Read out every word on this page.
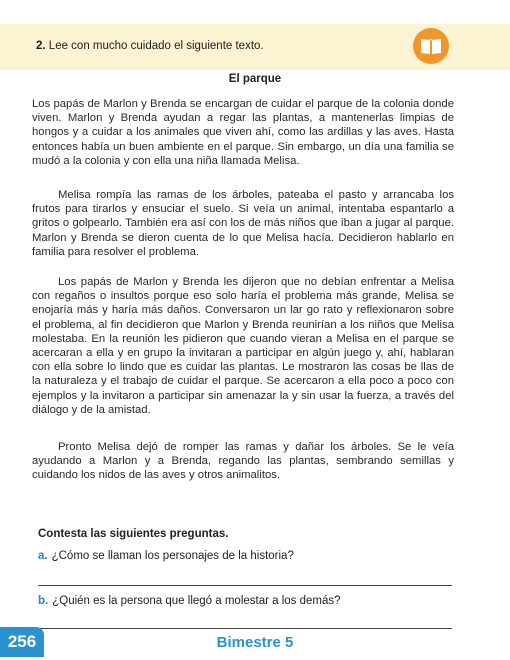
2. Lee con mucho cuidado el siguiente texto.
El parque

Los papás de Marlon y Brenda se encargan de cuidar el parque de la colonia donde viven. Marlon y Brenda ayudan a regar las plantas, a mantenerlas limpias de hongos y a cuidar a los animales que viven ahí, como las ardillas y las aves. Hasta entonces había un buen ambiente en el parque. Sin embargo, un día una familia se mudó a la colonia y con ella una niña llamada Melisa.

Melisa rompía las ramas de los árboles, pateaba el pasto y arrancaba los frutos para tirarlos y ensuciar el suelo. Si veía un animal, intentaba espantarlo a gritos o golpearlo. También era así con los de más niños que iban a jugar al parque. Marlon y Brenda se dieron cuenta de lo que Melisa hacía. Decidieron hablarlo en familia para resolver el problema.

Los papás de Marlon y Brenda les dijeron que no debían enfrentar a Melisa con regaños o insultos porque eso solo haría el problema más grande, Melisa se enojaría más y haría más daños. Conversaron un lar go rato y reflexionaron sobre el problema, al fin decidieron que Marlon y Brenda reunirían a los niños que Melisa molestaba. En la reunión les pidieron que cuando vieran a Melisa en el parque se acercaran a ella y en grupo la invitaran a participar en algún juego y, ahí, hablaran con ella sobre lo lindo que es cuidar las plantas. Le mostraron las cosas be llas de la naturaleza y el trabajo de cuidar el parque. Se acercaron a ella poco a poco con ejemplos y la invitaron a participar sin amenazar la y sin usar la fuerza, a través del diálogo y de la amistad.

Pronto Melisa dejó de romper las ramas y dañar los árboles. Se le veía ayudando a Marlon y a Brenda, regando las plantas, sembrando semillas y cuidando los nidos de las aves y otros animalitos.

Contesta las siguientes preguntas.
a. ¿Cómo se llaman los personajes de la historia?
b. ¿Quién es la persona que llegó a molestar a los demás?
256	Bimestre 5
